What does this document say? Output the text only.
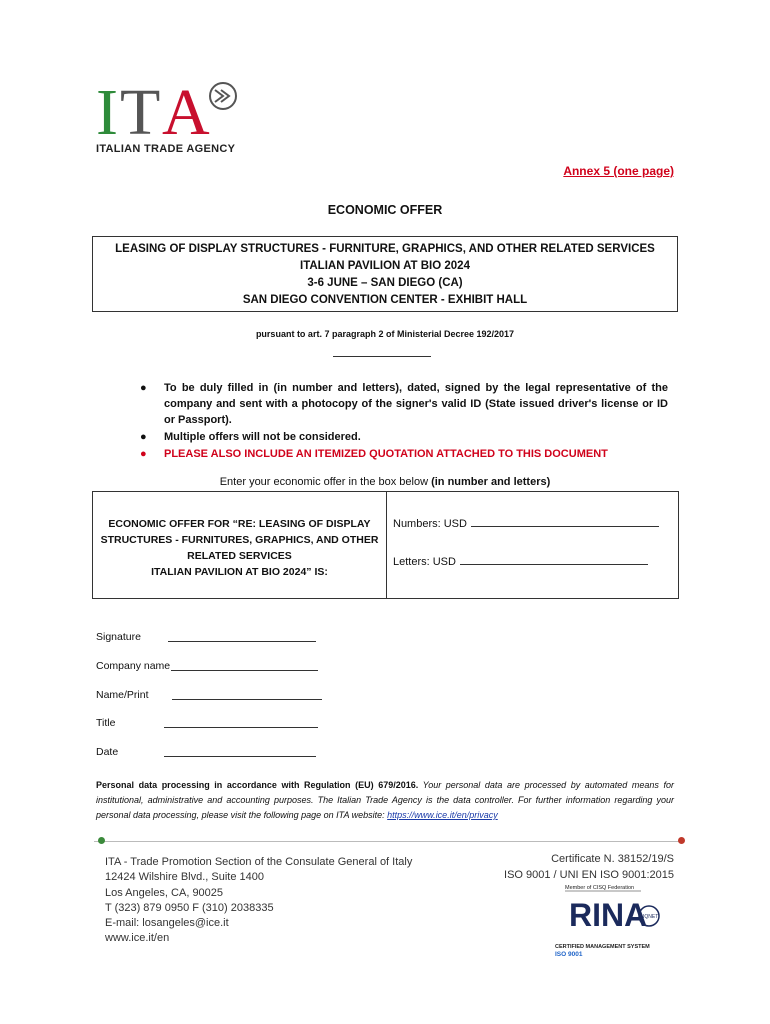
I T A
ITALIAN TRADE AGENCY
Annex 5 (one page)
ECONOMIC OFFER
LEASING OF DISPLAY STRUCTURES - FURNITURE, GRAPHICS, AND OTHER RELATED SERVICES
ITALIAN PAVILION AT BIO 2024
3-6 JUNE – SAN DIEGO (CA)
SAN DIEGO CONVENTION CENTER - EXHIBIT HALL
pursuant to art. 7 paragraph 2 of Ministerial Decree 192/2017
● To be duly filled in (in number and letters), dated, signed by the legal representative of the company and sent with a photocopy of the signer's valid ID (State issued driver's license or ID or Passport).
● Multiple offers will not be considered.
● PLEASE ALSO INCLUDE AN ITEMIZED QUOTATION ATTACHED TO THIS DOCUMENT
Enter your economic offer in the box below (in number and letters)
ECONOMIC OFFER FOR “RE: LEASING OF DISPLAY
STRUCTURES - FURNITURES, GRAPHICS, AND OTHER
RELATED SERVICES
ITALIAN PAVILION AT BIO 2024” IS:
Numbers: USD
Letters: USD
Signature
Company name
Name/Print
Title
Date
Personal data processing in accordance with Regulation (EU) 679/2016. Your personal data are processed by automated means for institutional, administrative and accounting purposes. The Italian Trade Agency is the data controller. For further information regarding your personal data processing, please visit the following page on ITA website: https://www.ice.it/en/privacy
ITA - Trade Promotion Section of the Consulate General of Italy
12424 Wilshire Blvd., Suite 1400
Los Angeles, CA, 90025
T (323) 879 0950 F (310) 2038335
E-mail: losangeles@ice.it
www.ice.it/en
Certificate N. 38152/19/S
ISO 9001 / UNI EN ISO 9001:2015
Member of CISQ Federation
RINA
IQNET
CERTIFIED MANAGEMENT SYSTEM
ISO 9001
